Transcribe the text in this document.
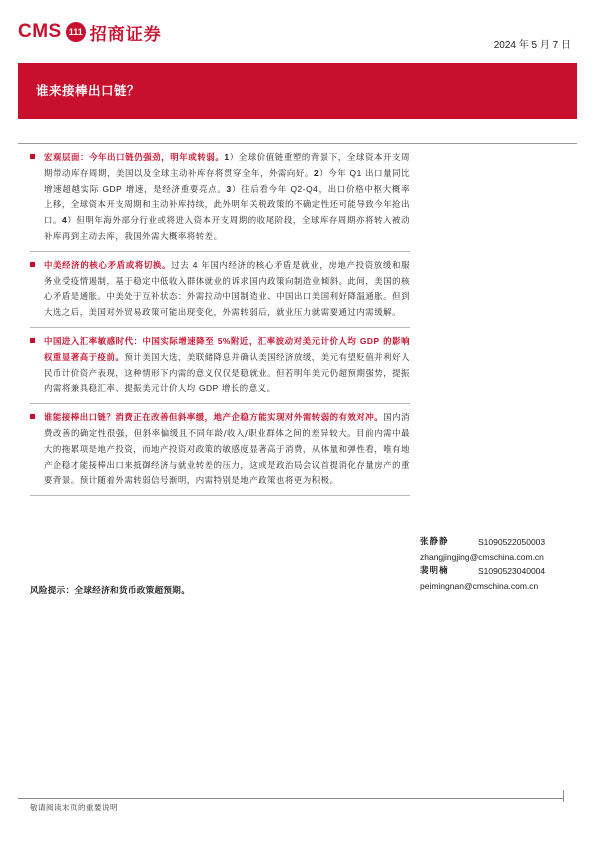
CMS 111 招商证券
2024 年 5 月 7 日
谁来接棒出口链？

宏观层面：今年出口链仍强劲，明年或转弱。1）全球价值链重塑的背景下，全球资本开支周期带动库存周期，美国以及全球主动补库存将贯穿全年，外需向好。2）今年 Q1 出口量同比增速超越实际 GDP 增速，是经济重要亮点。3）往后看今年 Q2-Q4，出口价格中枢大概率上移，全球资本开支周期和主动补库持续，此外明年关税政策的不确定性还可能导致今年抢出口。4）但明年海外部分行业或将进入资本开支周期的收尾阶段，全球库存周期亦将转入被动补库再到主动去库，我国外需大概率将转差。

中美经济的核心矛盾或将切换。过去 4 年国内经济的核心矛盾是就业，房地产投资放缓和服务业受疫情遏制，基于稳定中低收入群体就业的诉求国内政策向制造业倾斜。此间，美国的核心矛盾是通胀。中美处于互补状态：外需拉动中国制造业、中国出口美国利好降温通胀。但到大选之后，美国对外贸易政策可能出现变化，外需转弱后，就业压力就需要通过内需缓解。

中国进入汇率敏感时代：中国实际增速降至 5%附近，汇率波动对美元计价人均 GDP 的影响权重显著高于疫前。预计美国大选，美联储降息并确认美国经济放缓，美元有望贬值并利好人民币计价资产表现，这种情形下内需的意义仅仅是稳就业。但若明年美元仍超预期强势，提振内需将兼具稳汇率、提振美元计价人均 GDP 增长的意义。

谁能接棒出口链？消费正在改善但斜率缓，地产企稳方能实现对外需转弱的有效对冲。国内消费改善的确定性很强，但斜率偏缓且不同年龄/收入/职业群体之间的差异较大。目前内需中最大的拖累项是地产投资，而地产投资对政策的敏感度显著高于消费，从体量和弹性看，唯有地产企稳才能接棒出口来抵御经济与就业转差的压力，这或是政治局会议首提消化存量房产的重要背景。预计随着外需转弱信号渐明，内需特别是地产政策也将更为积极。

风险提示：全球经济和货币政策超预期。
张静静	S1090522050003
zhangjingjing@cmschina.com.cn
裴明楠	S1090523040004
peimingnan@cmschina.com.cn
敬请阅读末页的重要说明
